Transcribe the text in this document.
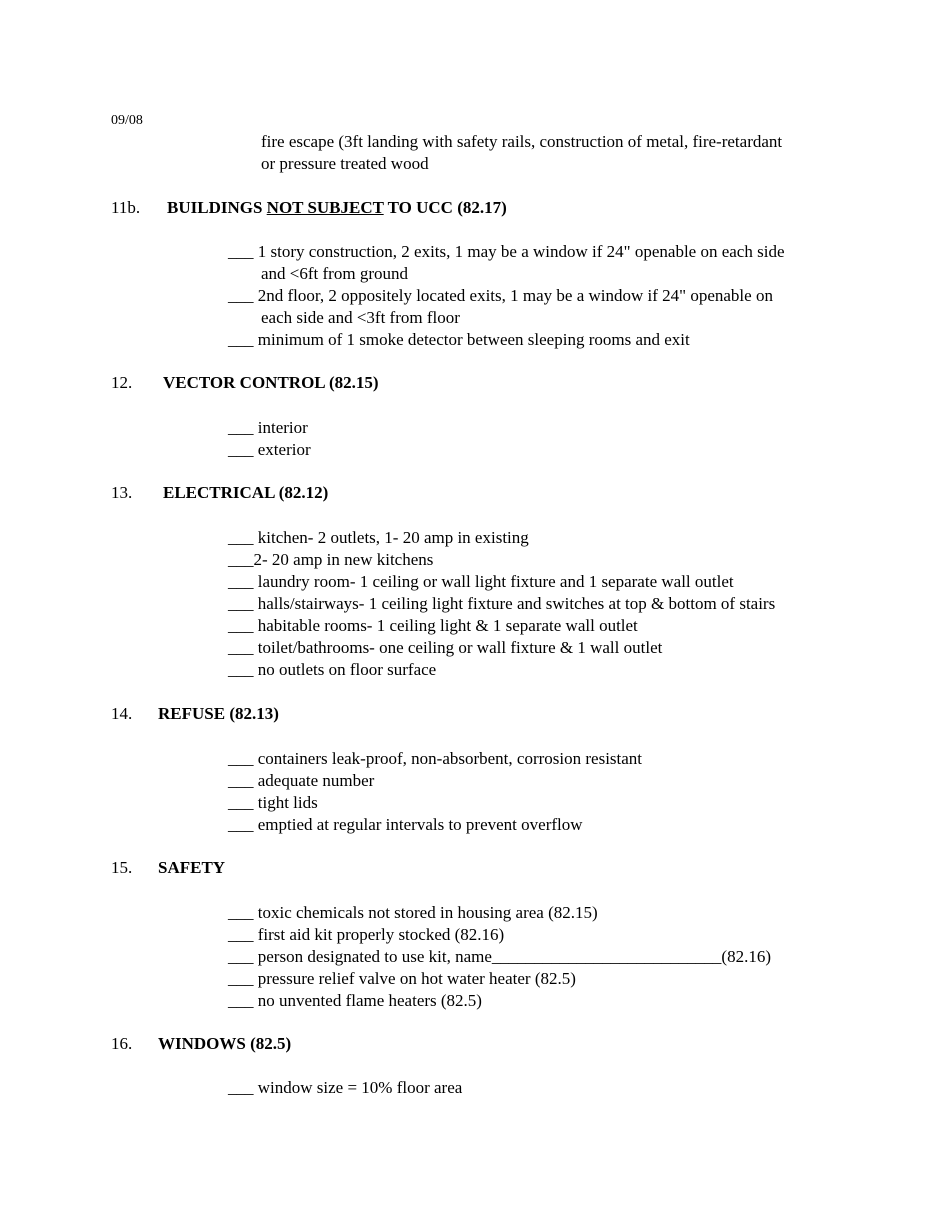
09/08
fire escape (3ft landing with safety rails, construction of metal, fire-retardant
or pressure treated wood
11b. BUILDINGS NOT SUBJECT TO UCC (82.17)
___ 1 story construction, 2 exits, 1 may be a window if 24" openable on each side
and <6ft from ground
___ 2nd floor, 2 oppositely located exits, 1 may be a window if 24" openable on
each side and <3ft from floor
___ minimum of 1 smoke detector between sleeping rooms and exit
12. VECTOR CONTROL (82.15)
___ interior
___ exterior
13. ELECTRICAL (82.12)
___ kitchen- 2 outlets, 1- 20 amp in existing
___2- 20 amp in new kitchens
___ laundry room- 1 ceiling or wall light fixture and 1 separate wall outlet
___ halls/stairways- 1 ceiling light fixture and switches at top & bottom of stairs
___ habitable rooms- 1 ceiling light & 1 separate wall outlet
___ toilet/bathrooms- one ceiling or wall fixture & 1 wall outlet
___ no outlets on floor surface
14. REFUSE (82.13)
___ containers leak-proof, non-absorbent, corrosion resistant
___ adequate number
___ tight lids
___ emptied at regular intervals to prevent overflow
15. SAFETY
___ toxic chemicals not stored in housing area (82.15)
___ first aid kit properly stocked (82.16)
___ person designated to use kit, name___________________________(82.16)
___ pressure relief valve on hot water heater (82.5)
___ no unvented flame heaters (82.5)
16. WINDOWS (82.5)
___ window size = 10% floor area
